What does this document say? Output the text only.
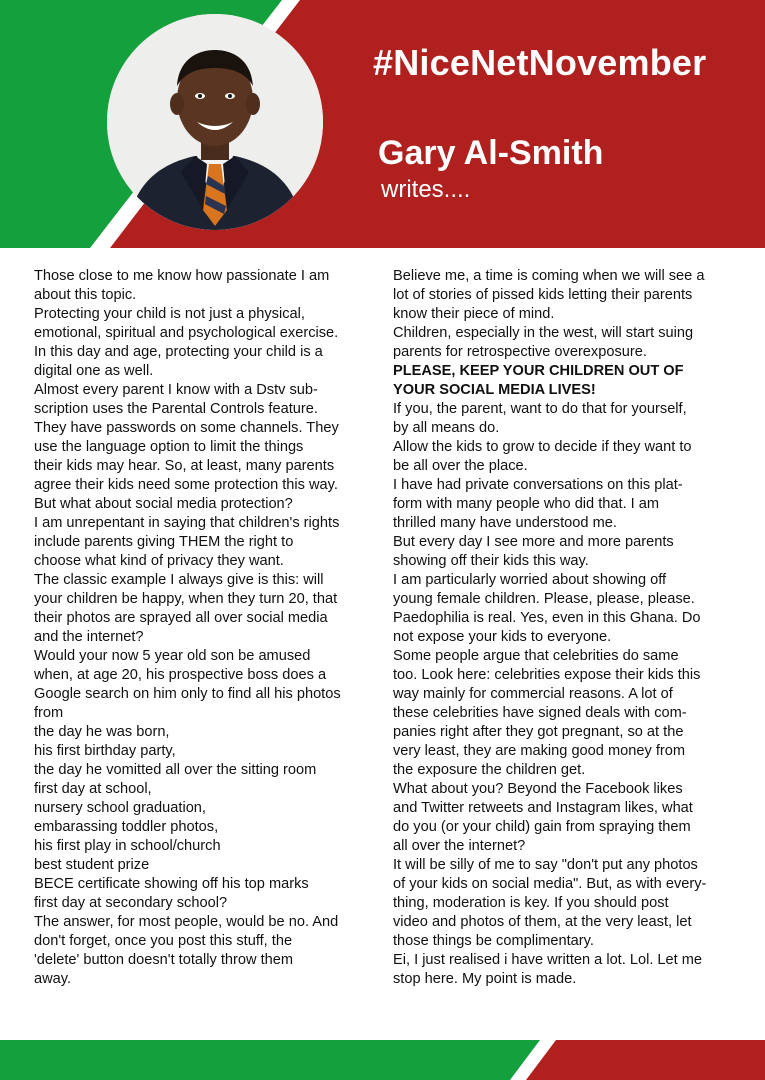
#NiceNetNovember
Gary Al-Smith
writes....
Those close to me know how passionate I am
about this topic.
Protecting your child is not just a physical,
emotional, spiritual and psychological exercise.
In this day and age, protecting your child is a
digital one as well.
Almost every parent I know with a Dstv sub-
scription uses the Parental Controls feature.
They have passwords on some channels. They
use the language option to limit the things
their kids may hear. So, at least, many parents
agree their kids need some protection this way.
But what about social media protection?
I am unrepentant in saying that children's rights
include parents giving THEM the right to
choose what kind of privacy they want.
The classic example I always give is this: will
your children be happy, when they turn 20, that
their photos are sprayed all over social media
and the internet?
Would your now 5 year old son be amused
when, at age 20, his prospective boss does a
Google search on him only to find all his photos
from
the day he was born,
his first birthday party,
the day he vomitted all over the sitting room
first day at school,
nursery school graduation,
embarassing toddler photos,
his first play in school/church
best student prize
BECE certificate showing off his top marks
first day at secondary school?
The answer, for most people, would be no. And
don't forget, once you post this stuff, the
'delete' button doesn't totally throw them
away.
Believe me, a time is coming when we will see a
lot of stories of pissed kids letting their parents
know their piece of mind.
Children, especially in the west, will start suing
parents for retrospective overexposure.
PLEASE, KEEP YOUR CHILDREN OUT OF
YOUR SOCIAL MEDIA LIVES!
If you, the parent, want to do that for yourself,
by all means do.
Allow the kids to grow to decide if they want to
be all over the place.
I have had private conversations on this plat-
form with many people who did that. I am
thrilled many have understood me.
But every day I see more and more parents
showing off their kids this way.
I am particularly worried about showing off
young female children. Please, please, please.
Paedophilia is real. Yes, even in this Ghana. Do
not expose your kids to everyone.
Some people argue that celebrities do same
too. Look here: celebrities expose their kids this
way mainly for commercial reasons. A lot of
these celebrities have signed deals with com-
panies right after they got pregnant, so at the
very least, they are making good money from
the exposure the children get.
What about you? Beyond the Facebook likes
and Twitter retweets and Instagram likes, what
do you (or your child) gain from spraying them
all over the internet?
It will be silly of me to say "don't put any photos
of your kids on social media". But, as with every-
thing, moderation is key. If you should post
video and photos of them, at the very least, let
those things be complimentary.
Ei, I just realised i have written a lot. Lol. Let me
stop here. My point is made.
